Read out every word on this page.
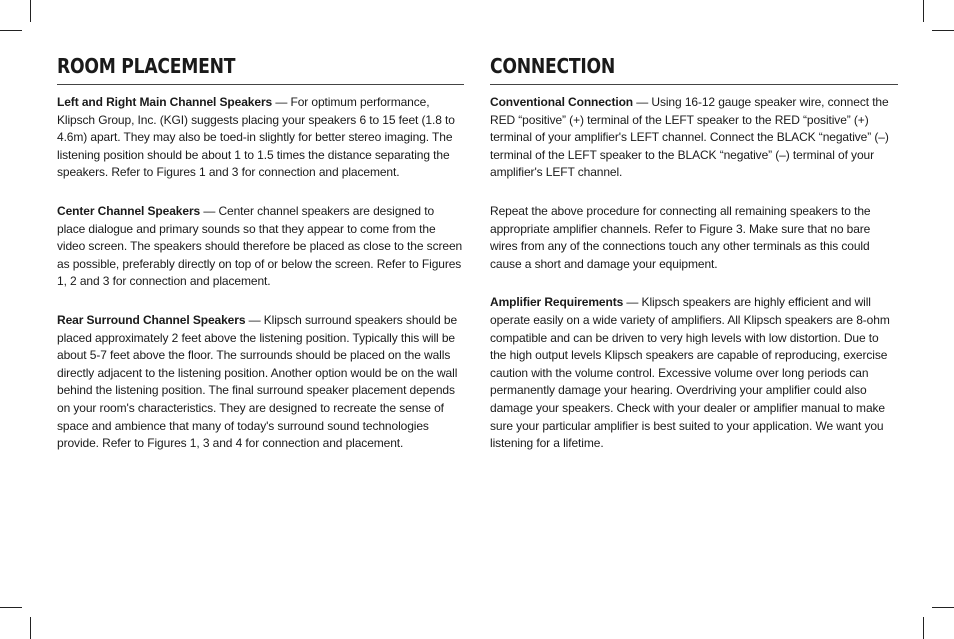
ROOM PLACEMENT

Left and Right Main Channel Speakers — For optimum performance, Klipsch Group, Inc. (KGI) suggests placing your speakers 6 to 15 feet (1.8 to 4.6m) apart. They may also be toed-in slightly for better stereo imaging. The listening position should be about 1 to 1.5 times the distance separating the speakers. Refer to Figures 1 and 3 for connection and placement.

Center Channel Speakers — Center channel speakers are designed to place dialogue and primary sounds so that they appear to come from the video screen. The speakers should therefore be placed as close to the screen as possible, preferably directly on top of or below the screen. Refer to Figures 1, 2 and 3 for connection and placement.

Rear Surround Channel Speakers — Klipsch surround speakers should be placed approximately 2 feet above the listening position. Typically this will be about 5-7 feet above the floor. The surrounds should be placed on the walls directly adjacent to the listening position. Another option would be on the wall behind the listening position. The final surround speaker placement depends on your room's characteristics. They are designed to recreate the sense of space and ambience that many of today's surround sound technologies provide. Refer to Figures 1, 3 and 4 for connection and placement.

CONNECTION

Conventional Connection — Using 16-12 gauge speaker wire, connect the RED “positive” (+) terminal of the LEFT speaker to the RED “positive” (+) terminal of your amplifier's LEFT channel. Connect the BLACK “negative” (–) terminal of the LEFT speaker to the BLACK “negative” (–) terminal of your amplifier's LEFT channel.

Repeat the above procedure for connecting all remaining speakers to the appropriate amplifier channels. Refer to Figure 3. Make sure that no bare wires from any of the connections touch any other terminals as this could cause a short and damage your equipment.

Amplifier Requirements — Klipsch speakers are highly efficient and will operate easily on a wide variety of amplifiers. All Klipsch speakers are 8-ohm compatible and can be driven to very high levels with low distortion. Due to the high output levels Klipsch speakers are capable of reproducing, exercise caution with the volume control. Excessive volume over long periods can permanently damage your hearing. Overdriving your amplifier could also damage your speakers. Check with your dealer or amplifier manual to make sure your particular amplifier is best suited to your application. We want you listening for a lifetime.
